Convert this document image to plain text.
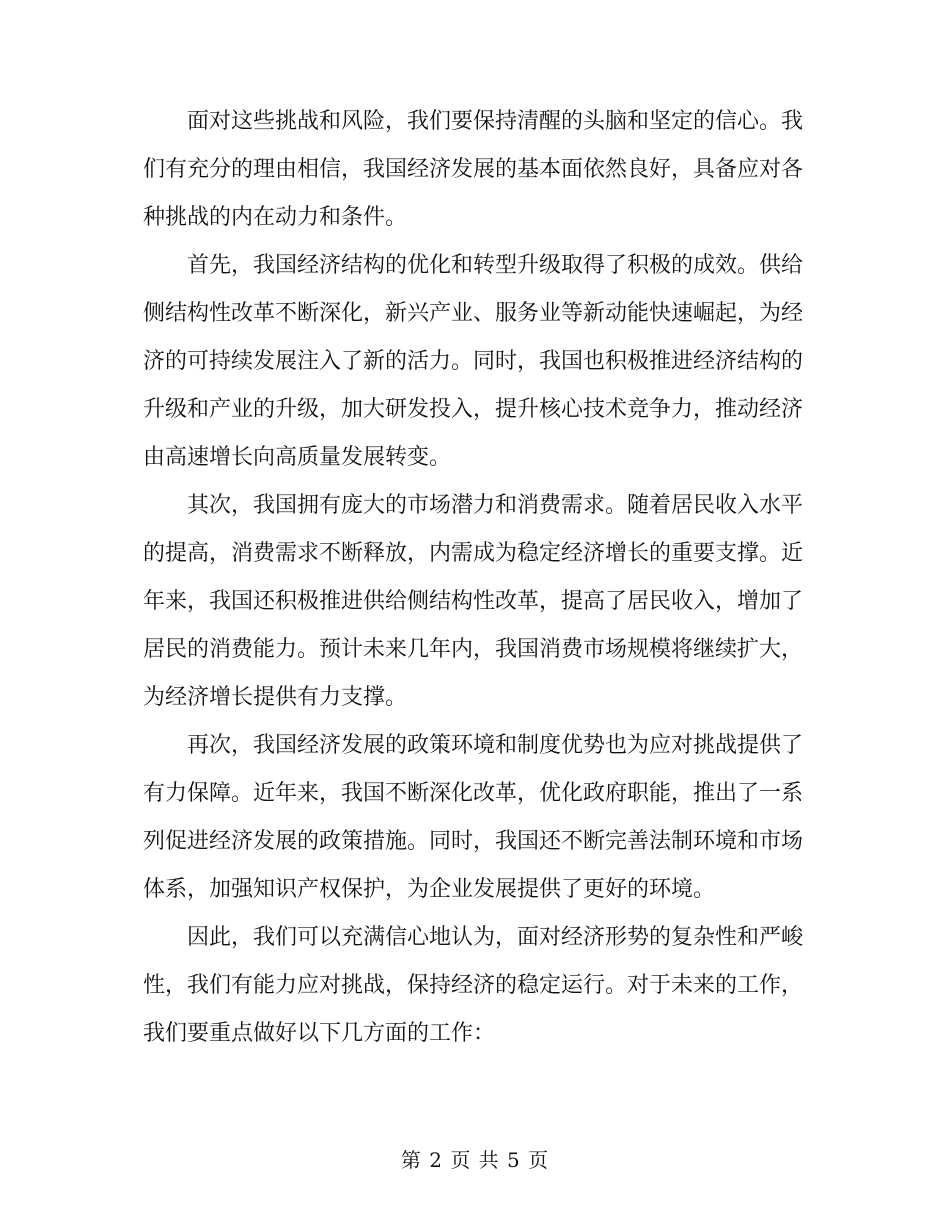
面对这些挑战和风险，我们要保持清醒的头脑和坚定的信心。我们有充分的理由相信，我国经济发展的基本面依然良好，具备应对各种挑战的内在动力和条件。

首先，我国经济结构的优化和转型升级取得了积极的成效。供给侧结构性改革不断深化，新兴产业、服务业等新动能快速崛起，为经济的可持续发展注入了新的活力。同时，我国也积极推进经济结构的升级和产业的升级，加大研发投入，提升核心技术竞争力，推动经济由高速增长向高质量发展转变。

其次，我国拥有庞大的市场潜力和消费需求。随着居民收入水平的提高，消费需求不断释放，内需成为稳定经济增长的重要支撑。近年来，我国还积极推进供给侧结构性改革，提高了居民收入，增加了居民的消费能力。预计未来几年内，我国消费市场规模将继续扩大，为经济增长提供有力支撑。

再次，我国经济发展的政策环境和制度优势也为应对挑战提供了有力保障。近年来，我国不断深化改革，优化政府职能，推出了一系列促进经济发展的政策措施。同时，我国还不断完善法制环境和市场体系，加强知识产权保护，为企业发展提供了更好的环境。

因此，我们可以充满信心地认为，面对经济形势的复杂性和严峻性，我们有能力应对挑战，保持经济的稳定运行。对于未来的工作，我们要重点做好以下几方面的工作：

第 2 页 共 5 页
